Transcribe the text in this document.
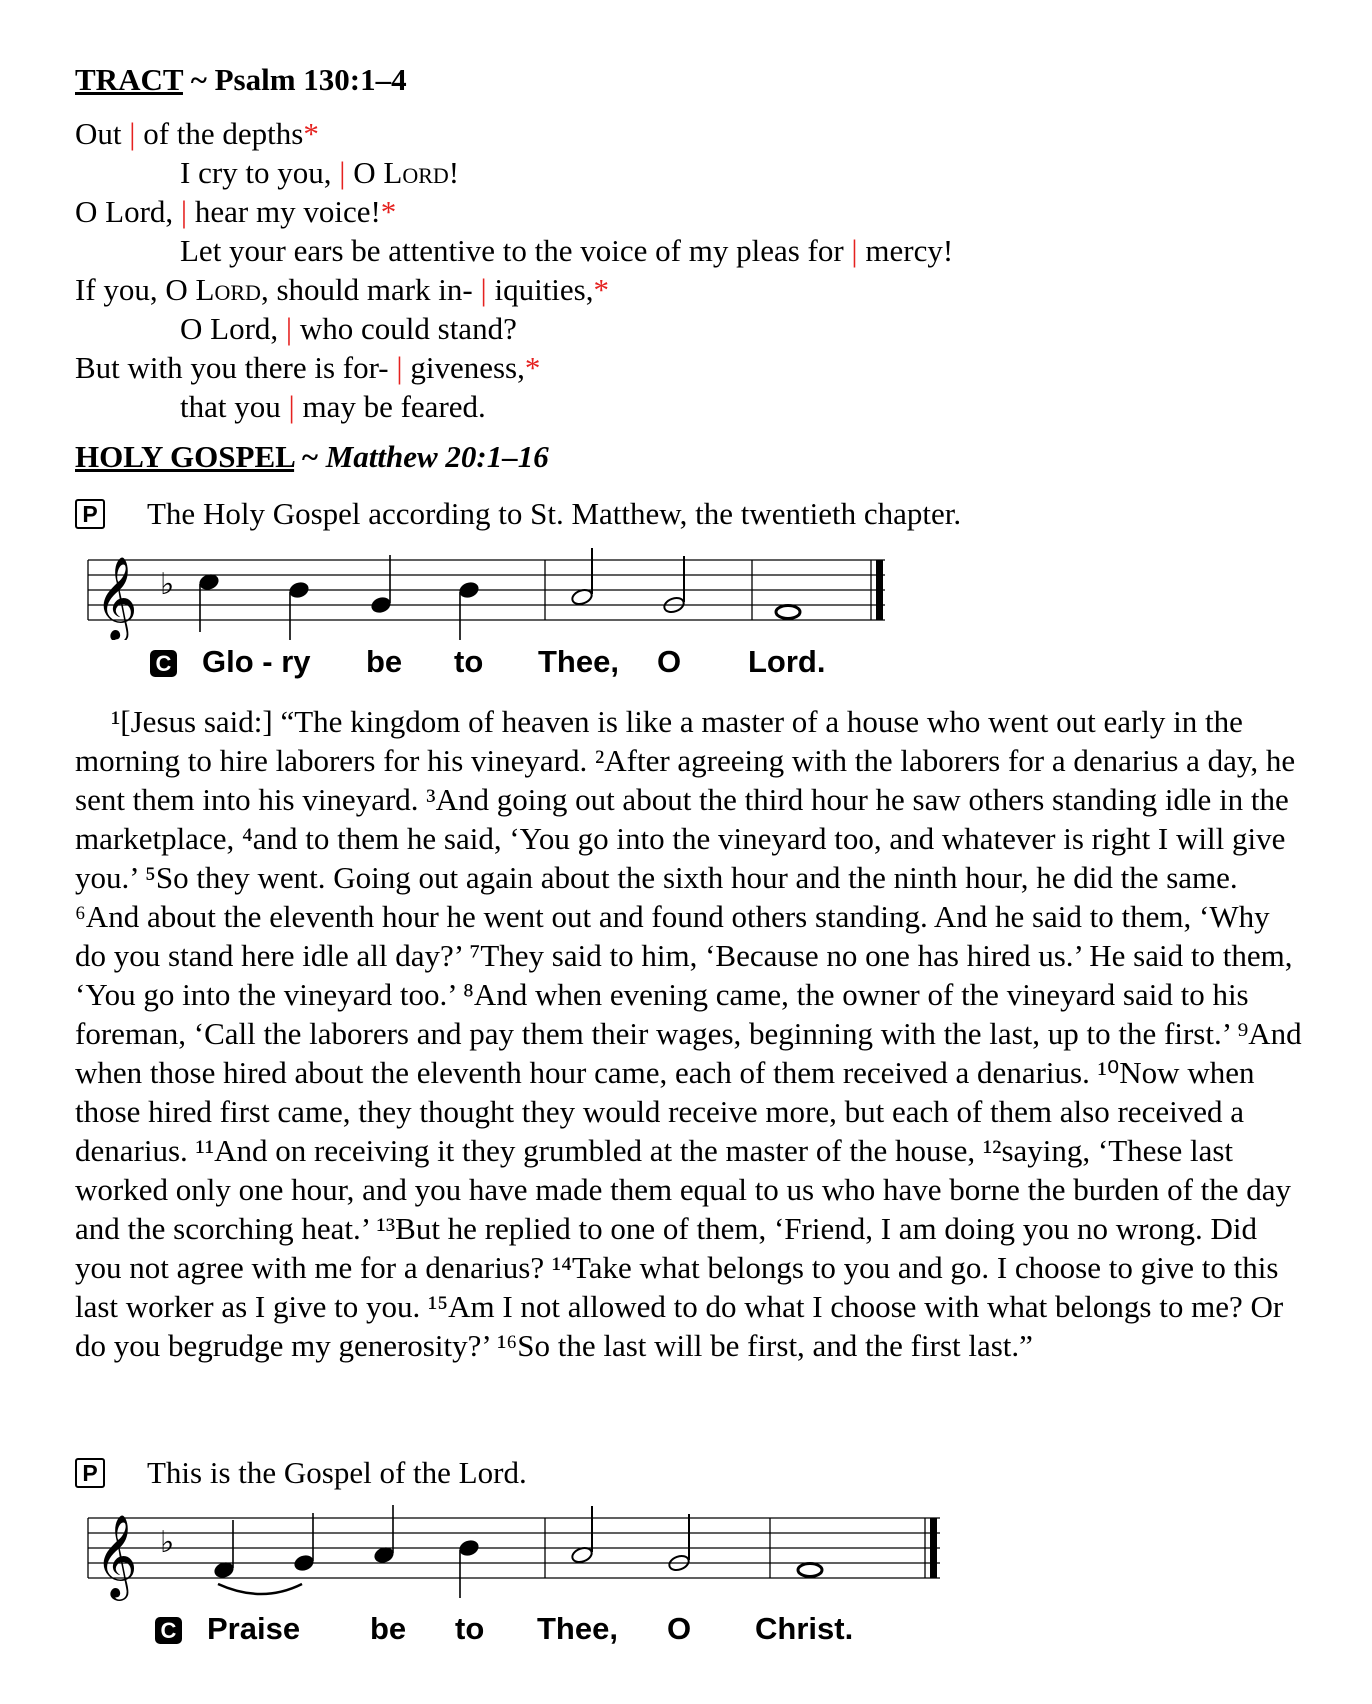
TRACT ~ Psalm 130:1–4
Out | of the depths*
I cry to you, | O Lord!
O Lord, | hear my voice!*
Let your ears be attentive to the voice of my pleas for | mercy!
If you, O Lord, should mark in- | iquities,*
O Lord, | who could stand?
But with you there is for- | giveness,*
that you | may be feared.
HOLY GOSPEL ~ Matthew 20:1–16
P The Holy Gospel according to St. Matthew, the twentieth chapter.
𝄞 ♭
C Glo - ry be to Thee, O Lord.

¹[Jesus said:] “The kingdom of heaven is like a master of a house who went out early in the morning to hire laborers for his vineyard. ²After agreeing with the laborers for a denarius a day, he sent them into his vineyard. ³And going out about the third hour he saw others standing idle in the marketplace, ⁴and to them he said, ‘You go into the vineyard too, and whatever is right I will give you.’ ⁵So they went. Going out again about the sixth hour and the ninth hour, he did the same. ⁶And about the eleventh hour he went out and found others standing. And he said to them, ‘Why do you stand here idle all day?’ ⁷They said to him, ‘Because no one has hired us.’ He said to them, ‘You go into the vineyard too.’ ⁸And when evening came, the owner of the vineyard said to his foreman, ‘Call the laborers and pay them their wages, beginning with the last, up to the first.’ ⁹And when those hired about the eleventh hour came, each of them received a denarius. ¹⁰Now when those hired first came, they thought they would receive more, but each of them also received a denarius. ¹¹And on receiving it they grumbled at the master of the house, ¹²saying, ‘These last worked only one hour, and you have made them equal to us who have borne the burden of the day and the scorching heat.’ ¹³But he replied to one of them, ‘Friend, I am doing you no wrong. Did you not agree with me for a denarius? ¹⁴Take what belongs to you and go. I choose to give to this last worker as I give to you. ¹⁵Am I not allowed to do what I choose with what belongs to me? Or do you begrudge my generosity?’ ¹⁶So the last will be first, and the first last.”

P This is the Gospel of the Lord.
𝄞 ♭
C Praise be to Thee, O Christ.
